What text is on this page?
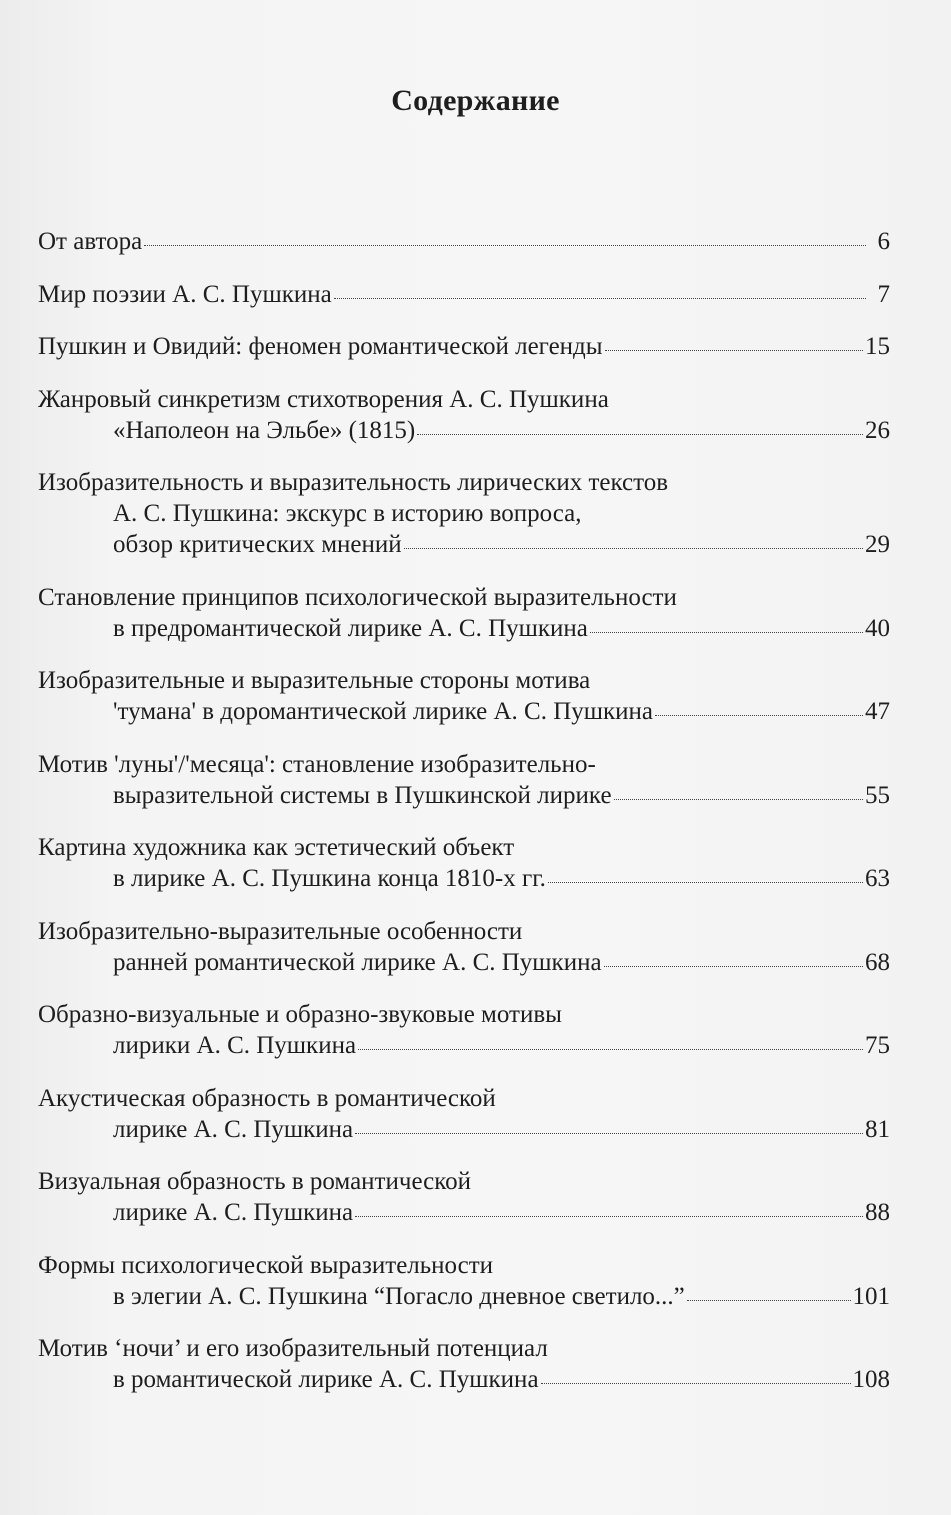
Содержание
От автора	6
Мир поэзии А. С. Пушкина	7
Пушкин и Овидий: феномен романтической легенды	15
Жанровый синкретизм стихотворения А. С. Пушкина
«Наполеон на Эльбе» (1815)	26
Изобразительность и выразительность лирических текстов
А. С. Пушкина: экскурс в историю вопроса,
обзор критических мнений	29
Становление принципов психологической выразительности
в предромантической лирике А. С. Пушкина	40
Изобразительные и выразительные стороны мотива
'тумана' в доромантической лирике А. С. Пушкина	47
Мотив 'луны'/'месяца': становление изобразительно-
выразительной системы в Пушкинской лирике	55
Картина художника как эстетический объект
в лирике А. С. Пушкина конца 1810-х гг.	63
Изобразительно-выразительные особенности
ранней романтической лирике А. С. Пушкина	68
Образно-визуальные и образно-звуковые мотивы
лирики А. С. Пушкина	75
Акустическая образность в романтической
лирике А. С. Пушкина	81
Визуальная образность в романтической
лирике А. С. Пушкина	88
Формы психологической выразительности
в элегии А. С. Пушкина “Погасло дневное светило...”	101
Мотив ‘ночи’ и его изобразительный потенциал
в романтической лирике А. С. Пушкина	108
